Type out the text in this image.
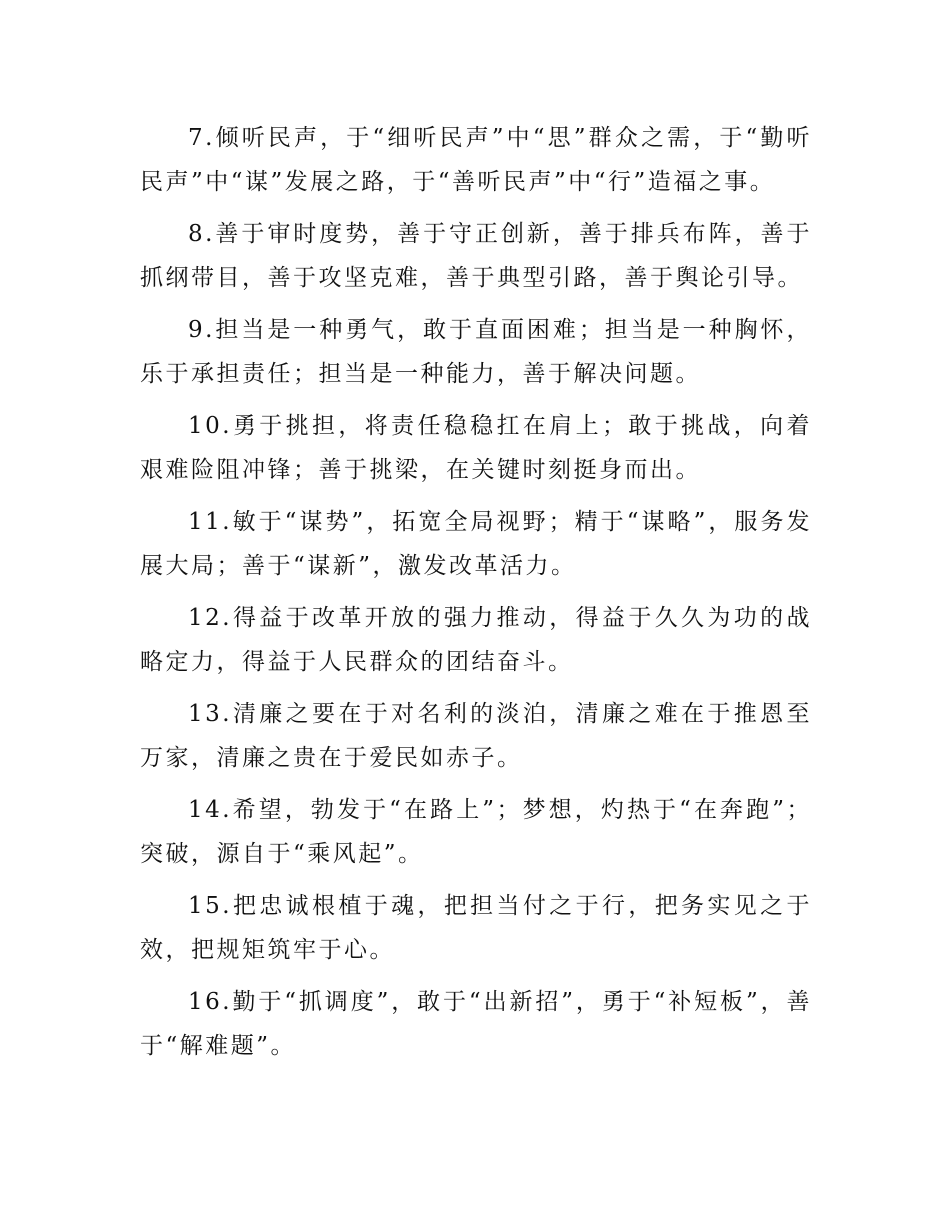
7.倾听民声，于“细听民声”中“思”群众之需，于“勤听民声”中“谋”发展之路，于“善听民声”中“行”造福之事。

8.善于审时度势，善于守正创新，善于排兵布阵，善于抓纲带目，善于攻坚克难，善于典型引路，善于舆论引导。

9.担当是一种勇气，敢于直面困难；担当是一种胸怀，乐于承担责任；担当是一种能力，善于解决问题。

10.勇于挑担，将责任稳稳扛在肩上；敢于挑战，向着艰难险阻冲锋；善于挑梁，在关键时刻挺身而出。

11.敏于“谋势”，拓宽全局视野；精于“谋略”，服务发展大局；善于“谋新”，激发改革活力。

12.得益于改革开放的强力推动，得益于久久为功的战略定力，得益于人民群众的团结奋斗。

13.清廉之要在于对名利的淡泊，清廉之难在于推恩至万家，清廉之贵在于爱民如赤子。

14.希望，勃发于“在路上”；梦想，灼热于“在奔跑”；突破，源自于“乘风起”。

15.把忠诚根植于魂，把担当付之于行，把务实见之于效，把规矩筑牢于心。

16.勤于“抓调度”，敢于“出新招”，勇于“补短板”，善于“解难题”。
